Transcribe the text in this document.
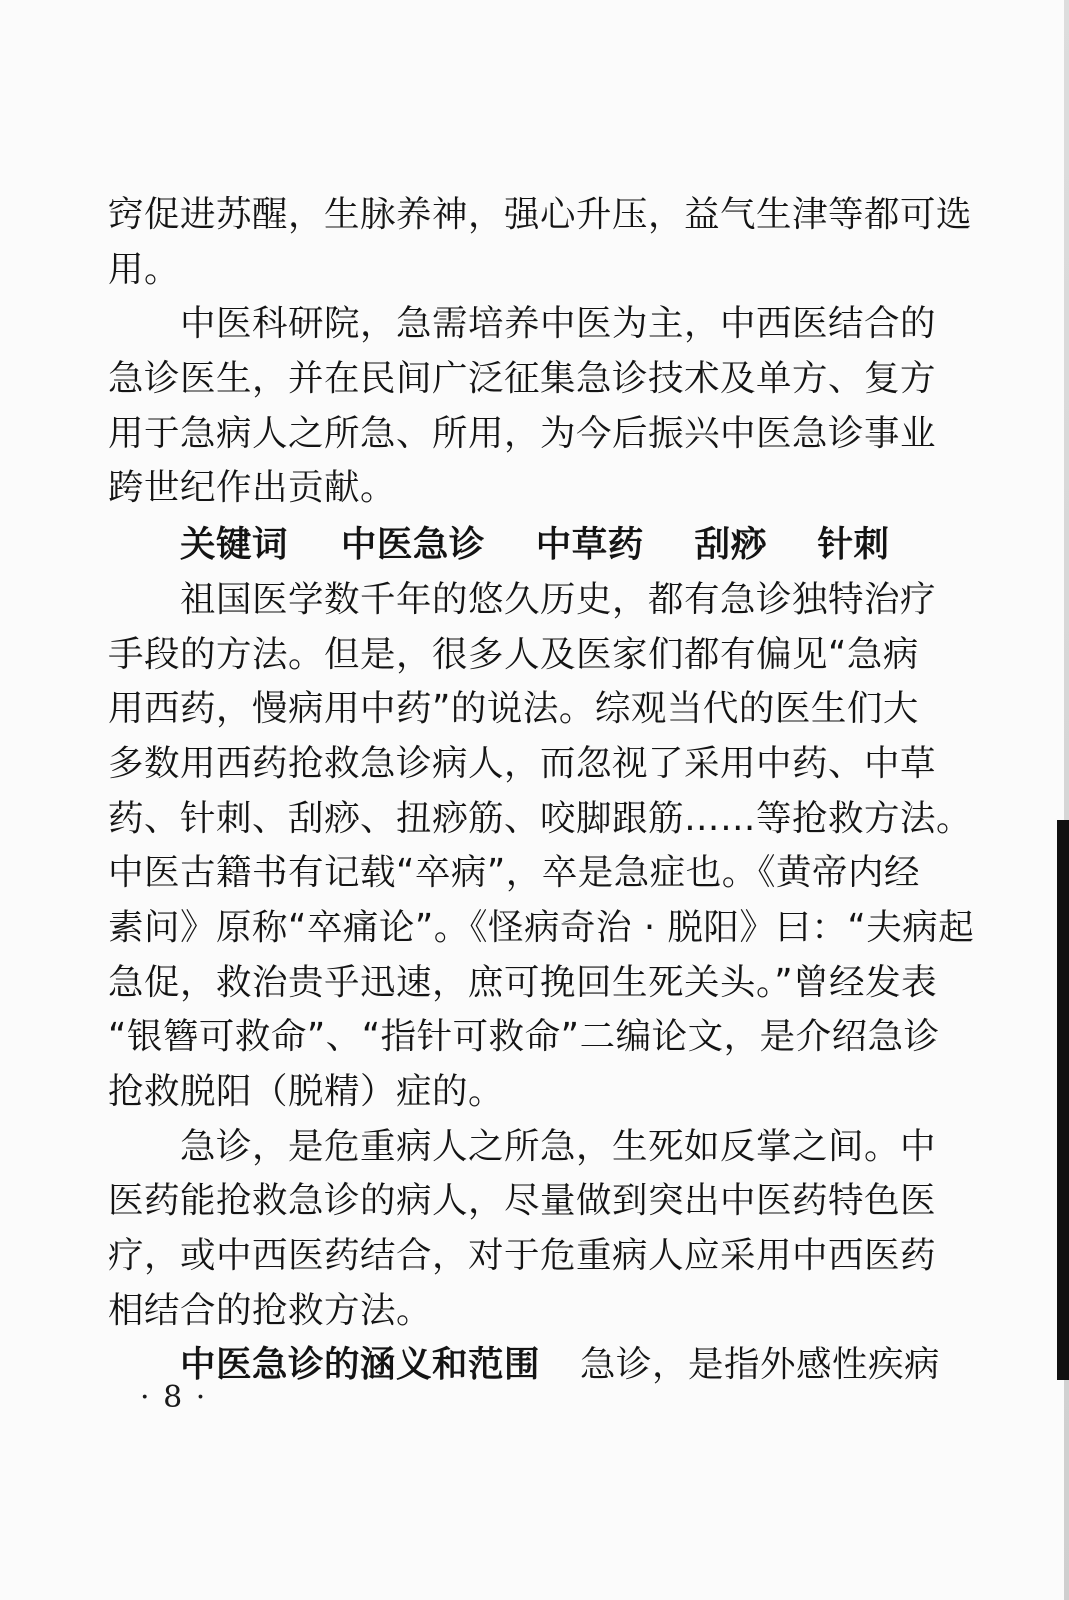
窍促进苏醒，生脉养神，强心升压，益气生津等都可选
用。
中医科研院，急需培养中医为主，中西医结合的
急诊医生，并在民间广泛征集急诊技术及单方、复方
用于急病人之所急、所用，为今后振兴中医急诊事业
跨世纪作出贡献。
关键词 中医急诊 中草药 刮痧 针刺
祖国医学数千年的悠久历史，都有急诊独特治疗
手段的方法。但是，很多人及医家们都有偏见“急病
用西药，慢病用中药”的说法。综观当代的医生们大
多数用西药抢救急诊病人，而忽视了采用中药、中草
药、针刺、刮痧、扭痧筋、咬脚跟筋……等抢救方法。
中医古籍书有记载“卒病”，卒是急症也。《黄帝内经
素问》原称“卒痛论”。《怪病奇治 · 脱阳》曰：“夫病起
急促，救治贵乎迅速，庶可挽回生死关头。”曾经发表
“银簪可救命”、“指针可救命”二编论文，是介绍急诊
抢救脱阳（脱精）症的。
急诊，是危重病人之所急，生死如反掌之间。中
医药能抢救急诊的病人，尽量做到突出中医药特色医
疗，或中西医药结合，对于危重病人应采用中西医药
相结合的抢救方法。
中医急诊的涵义和范围 急诊，是指外感性疾病
· 8 ·
